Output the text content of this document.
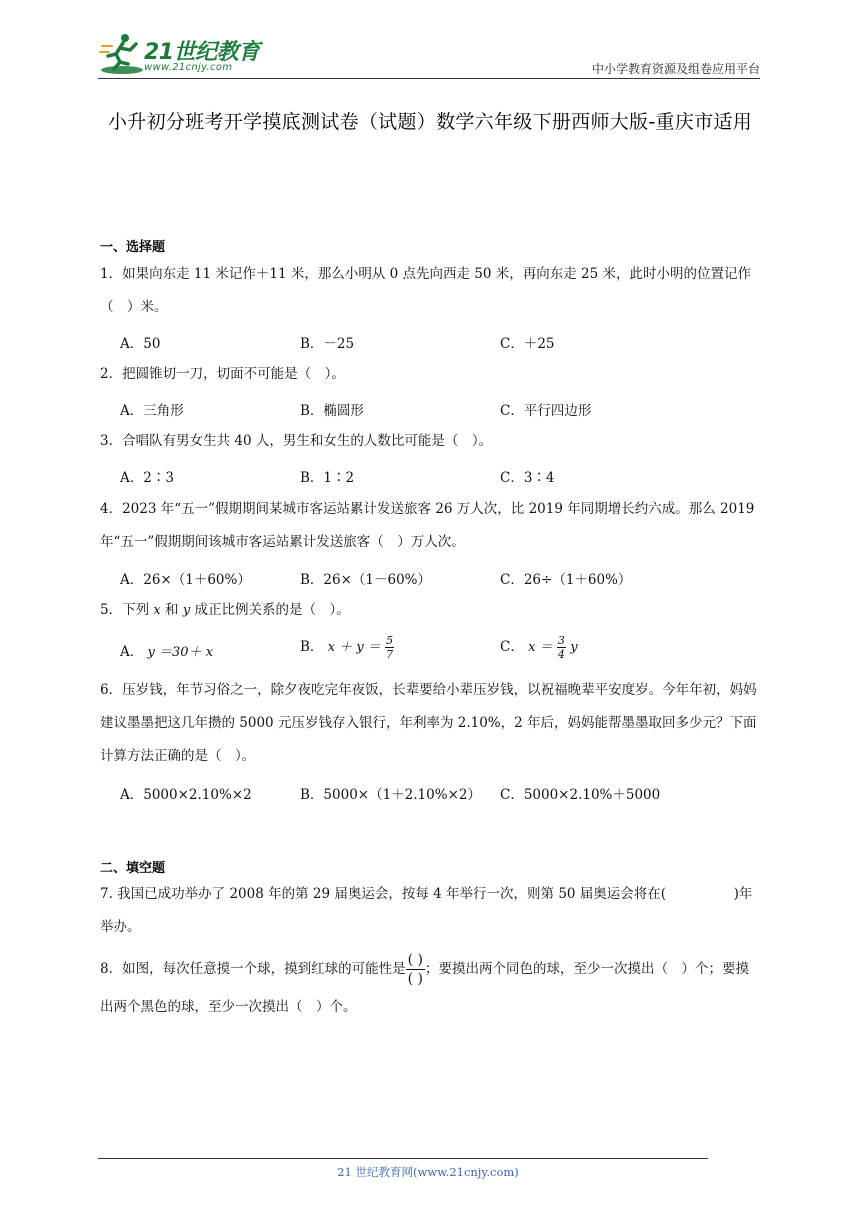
21世纪教育
www.21cnjy.com	中小学教育资源及组卷应用平台
小升初分班考开学摸底测试卷（试题）数学六年级下册西师大版-重庆市适用
一、选择题
1．如果向东走 11 米记作＋11 米，那么小明从 0 点先向西走 50 米，再向东走 25 米，此时小明的位置记作（　）米。
A．50	B．－25	C．＋25
2．把圆锥切一刀，切面不可能是（　）。
A．三角形	B．椭圆形	C．平行四边形
3．合唱队有男女生共 40 人，男生和女生的人数比可能是（　）。
A．2∶3	B．1∶2	C．3∶4
4．2023 年“五一”假期期间某城市客运站累计发送旅客 26 万人次，比 2019 年同期增长约六成。那么 2019 年“五一”假期期间该城市客运站累计发送旅客（　）万人次。
A．26×（1＋60%）	B．26×（1－60%）	C．26÷（1＋60%）
5．下列 x 和 y 成正比例关系的是（　）。
A． y ＝30＋ x	B． $x + y = \frac{5}{7}$	C． $x = \frac{3}{4}$ y
6．压岁钱，年节习俗之一，除夕夜吃完年夜饭，长辈要给小辈压岁钱，以祝福晚辈平安度岁。今年年初，妈妈建议墨墨把这几年攒的 5000 元压岁钱存入银行，年利率为 2.10%，2 年后，妈妈能帮墨墨取回多少元？下面计算方法正确的是（　）。
A．5000×2.10%×2	B．5000×（1＋2.10%×2） C．5000×2.10%＋5000
二、填空题
7. 我国已成功举办了 2008 年的第 29 届奥运会，按每 4 年举行一次，则第 50 届奥运会将在(　　　　　)年举办。
8．如图，每次任意摸一个球，摸到红球的可能性是 $\frac{( )}{( )}$ ；要摸出两个同色的球，至少一次摸出（　）个；要摸出两个黑色的球，至少一次摸出（　）个。
21 世纪教育网(www.21cnjy.com)
